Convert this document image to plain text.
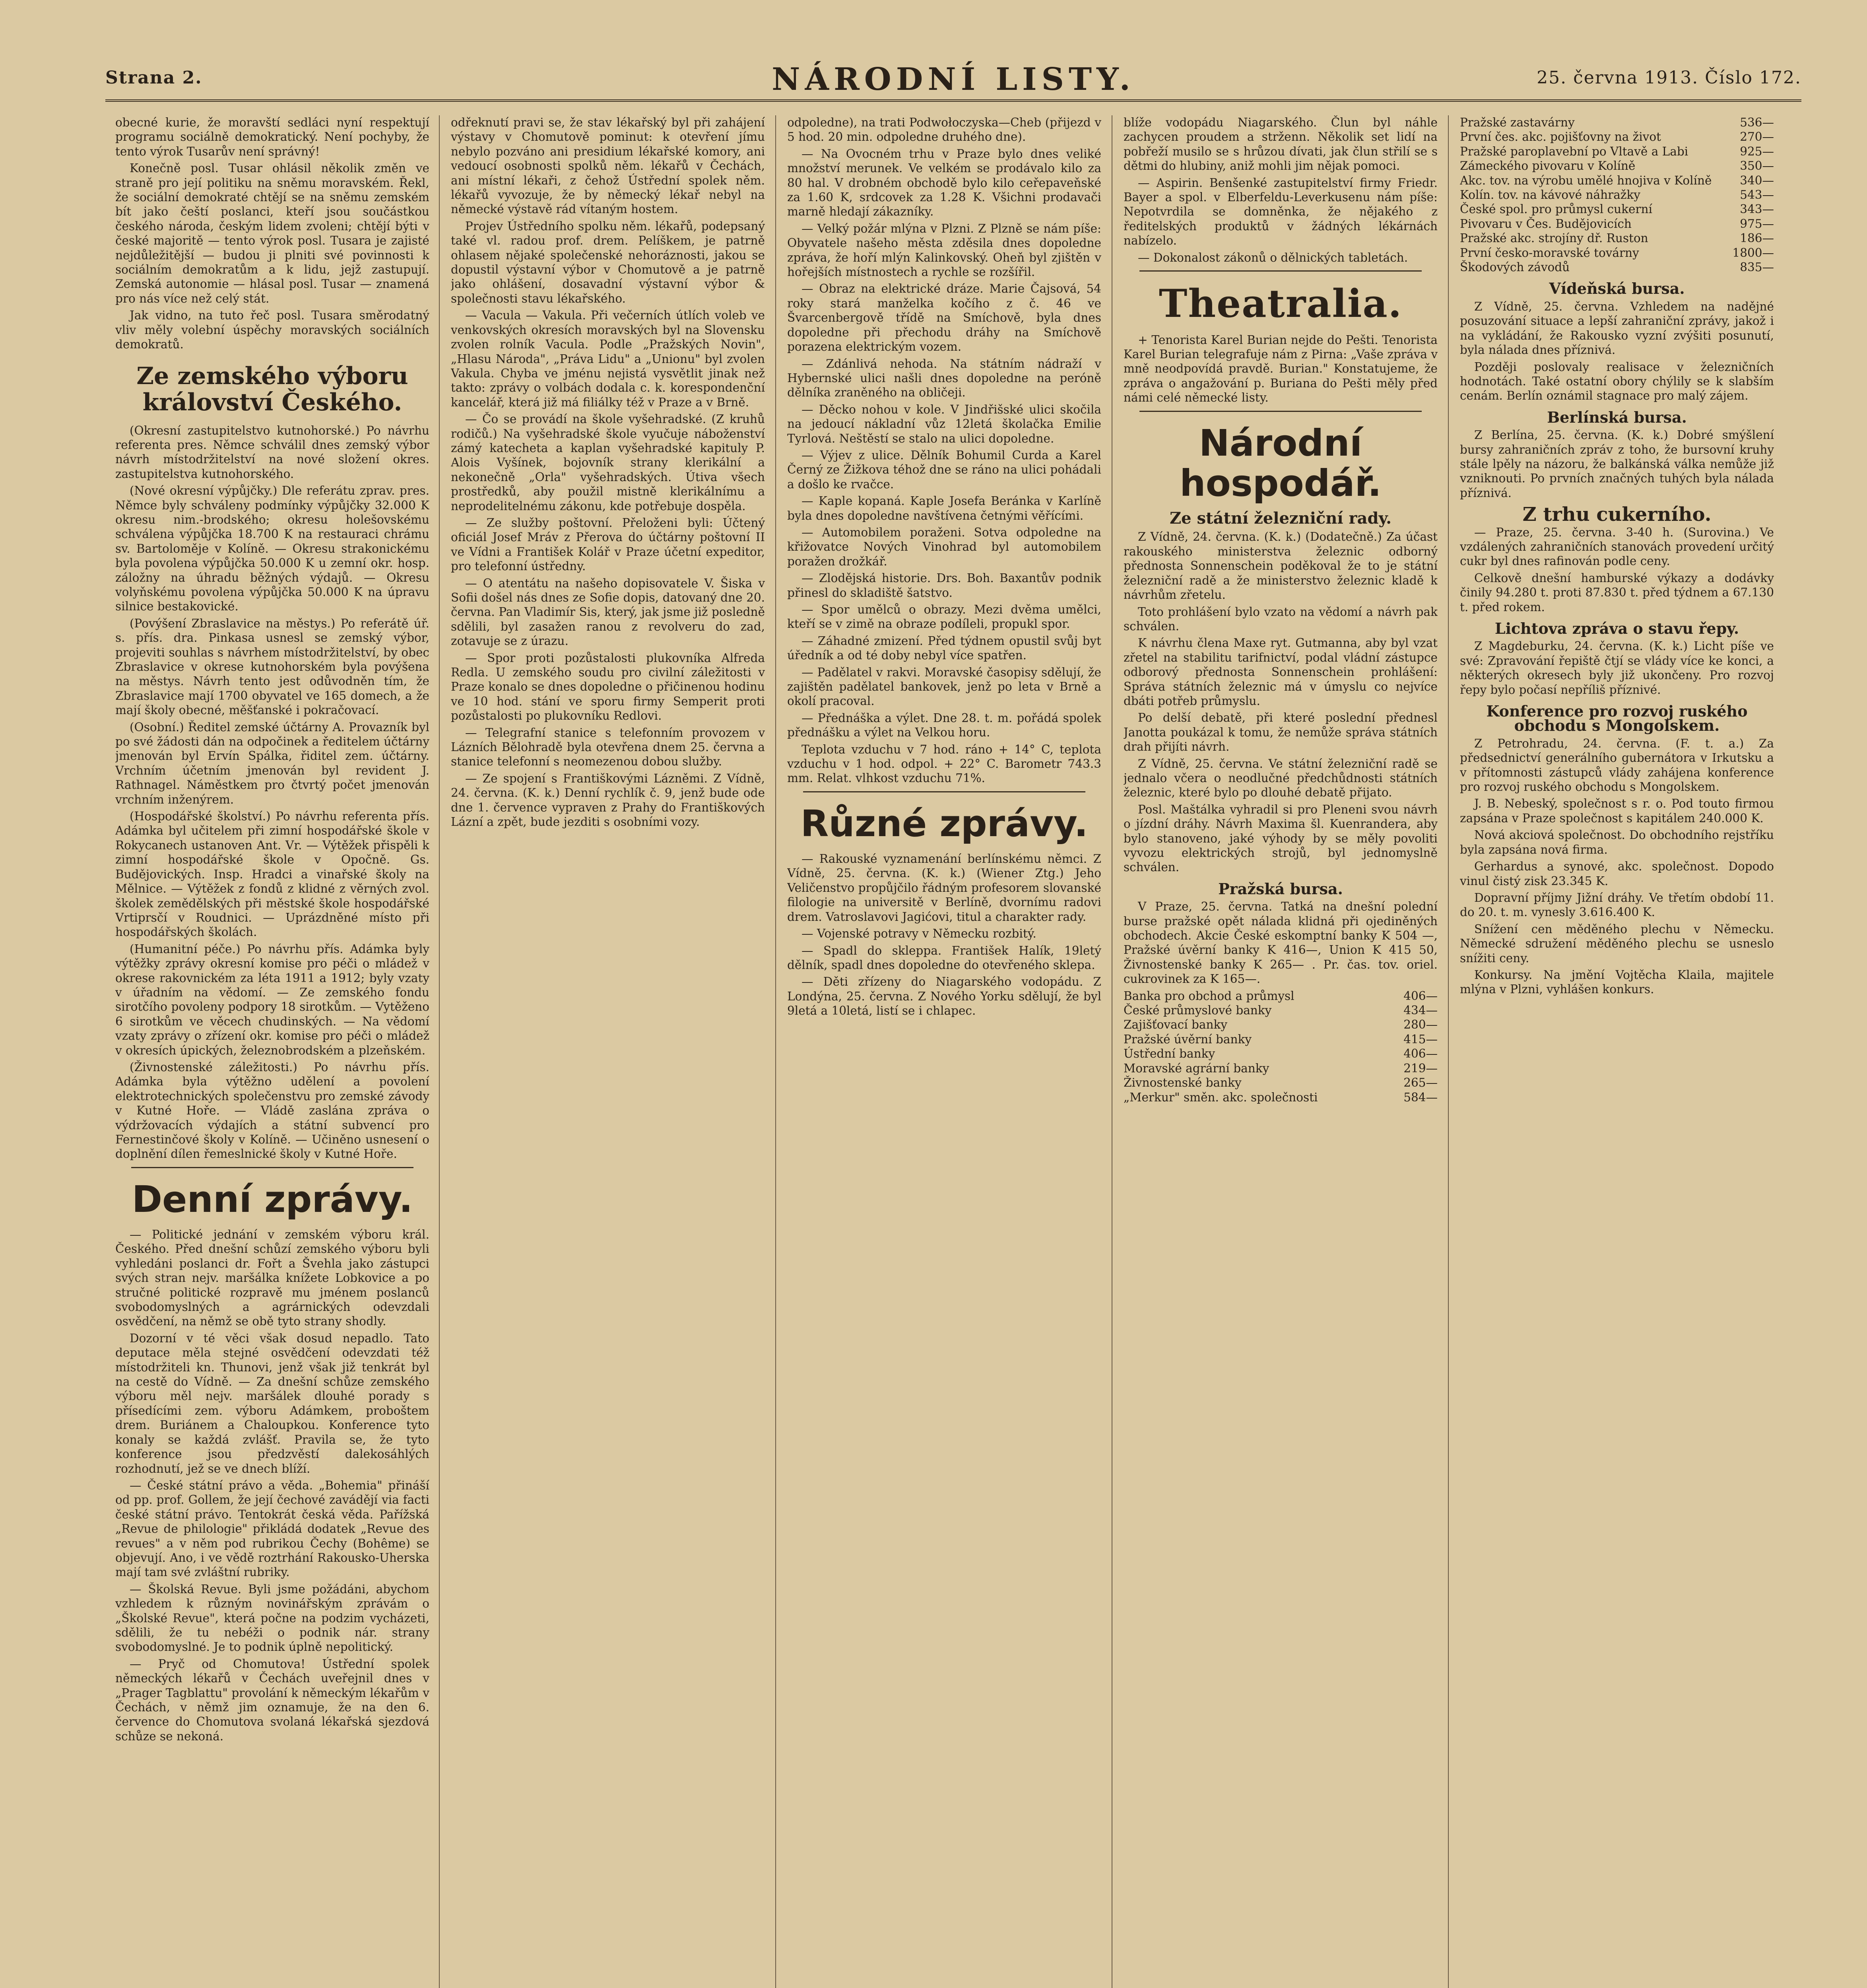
Strana 2.	NÁRODNÍ LISTY.	25. června 1913. Číslo 172.

obecné kurie, že moravští sedláci nyní respektují programu sociálně demokratický. Není pochyby, že tento výrok Tusarův není správný!

Konečně posl. Tusar ohlásil několik změn ve straně pro její politiku na sněmu moravském. Řekl, že sociální demokraté chtějí se na sněmu zemském bít jako čeští poslanci, kteří jsou součástkou českého národa, českým lidem zvoleni; chtějí býti v české majoritě — tento výrok posl. Tusara je zajisté nejdůležitější — budou ji plniti své povinnosti k sociálním demokratům a k lidu, jejž zastupují. Zemská autonomie — hlásal posl. Tusar — znamená pro nás více než celý stát.

Jak vidno, na tuto řeč posl. Tusara směrodatný vliv měly volební úspěchy moravských sociálních demokratů.

Ze zemského výboru království Českého.

(Okresní zastupitelstvo kutnohorské.) Po návrhu referenta pres. Němce schválil dnes zemský výbor návrh místodržitelství na nové složení okres. zastupitelstva kutnohorského.

(Nové okresní výpůjčky.) Dle referátu zprav. pres. Němce byly schváleny podmínky výpůjčky 32.000 K okresu nim.-brodského; okresu holešovskému schválena výpůjčka 18.700 K na restauraci chrámu sv. Bartoloměje v Kolíně. — Okresu strakonickému byla povolena výpůjčka 50.000 K u zemní okr. hosp. záložny na úhradu běžných výdajů. — Okresu volyňskému povolena výpůjčka 50.000 K na úpravu silnice bestakovické.

(Povýšení Zbraslavice na městys.) Po referátě úř. s. přís. dra. Pinkasa usnesl se zemský výbor, projeviti souhlas s návrhem místodržitelství, by obec Zbraslavice v okrese kutnohorském byla povýšena na městys. Návrh tento jest odůvodněn tím, že Zbraslavice mají 1700 obyvatel ve 165 domech, a že mají školy obecné, měšťanské i pokračovací.

(Osobní.) Ředitel zemské účtárny A. Provazník byl po své žádosti dán na odpočinek a ředitelem účtárny jmenován byl Ervín Spálka, řiditel zem. účtárny. Vrchním účetním jmenován byl revident J. Rathnagel. Náměstkem pro čtvrtý počet jmenován vrchním inženýrem.

(Hospodářské školství.) Po návrhu referenta přís. Adámka byl učitelem při zimní hospodářské škole v Rokycanech ustanoven Ant. Vr. — Výtěžek přispěli k zimní hospodářské škole v Opočně. Gs. Budějovických. Insp. Hradci a vinařské školy na Mělnice. — Výtěžek z fondů z klidné z věrných zvol. školek zemědělských při městské škole hospodářské Vrtiprsčí v Roudnici. — Uprázdněné místo při hospodářských školách.

(Humanitní péče.) Po návrhu přís. Adámka byly výtěžky zprávy okresní komise pro péči o mládež v okrese rakovnickém za léta 1911 a 1912; byly vzaty v úřadním na vědomí. — Ze zemského fondu sirotčího povoleny podpory 18 sirotkům. — Vytěženo 6 sirotkům ve věcech chudinských. — Na vědomí vzaty zprávy o zřízení okr. komise pro péči o mládež v okresích úpických, železnobrodském a plzeňském.

(Živnostenské záležitosti.) Po návrhu přís. Adámka byla výtěžno udělení a povolení elektrotechnických společenstvu pro zemské závody v Kutné Hoře. — Vládě zaslána zpráva o výdržovacích výdajích a státní subvencí pro Fernestinčové školy v Kolíně. — Učiněno usnesení o doplnění dílen řemeslnické školy v Kutné Hoře.

Denní zprávy.

— Politické jednání v zemském výboru král. Českého. Před dnešní schůzí zemského výboru byli vyhledáni poslanci dr. Fořt a Švehla jako zástupci svých stran nejv. maršálka knížete Lobkovice a po stručné politické rozpravě mu jménem poslanců svobodomyslných a agrárnických odevzdali osvědčení, na němž se obě tyto strany shodly.

Dozorní v té věci však dosud nepadlo. Tato deputace měla stejné osvědčení odevzdati též místodržiteli kn. Thunovi, jenž však již tenkrát byl na cestě do Vídně. — Za dnešní schůze zemského výboru měl nejv. maršálek dlouhé porady s přísedícími zem. výboru Adámkem, proboštem drem. Buriánem a Chaloupkou. Konference tyto konaly se každá zvlášť. Pravila se, že tyto konference jsou předzvěstí dalekosáhlých rozhodnutí, jež se ve dnech blíží.

— České státní právo a věda. „Bohemia" přináší od pp. prof. Gollem, že její čechové zavádějí via facti české státní právo. Tentokrát česká věda. Pařížská „Revue de philologie" přikládá dodatek „Revue des revues" a v něm pod rubrikou Čechy (Bohême) se objevují. Ano, i ve vědě roztrhání Rakousko-Uherska mají tam své zvláštní rubriky.

— Školská Revue. Byli jsme požádáni, abychom vzhledem k různým novinářským zprávám o „Školské Revue", která počne na podzim vycházeti, sdělili, že tu nebéži o podnik nár. strany svobodomyslné. Je to podnik úplně nepolitický.

— Pryč od Chomutova! Ústřední spolek německých lékařů v Čechách uveřejnil dnes v „Prager Tagblattu" provolání k německým lékařům v Čechách, v němž jim oznamuje, že na den 6. července do Chomutova svolaná lékařská sjezdová schůze se nekoná.

odřeknutí pravi se, že stav lékařský byl při zahájení výstavy v Chomutově pominut: k otevření jímu nebylo pozváno ani presidium lékařské komory, ani vedoucí osobnosti spolků něm. lékařů v Čechách, ani místní lékaři, z čehož Ústřední spolek něm. lékařů vyvozuje, že by německý lékař nebyl na německé výstavě rád vítaným hostem.

Projev Ústředního spolku něm. lékařů, podepsaný také vl. radou prof. drem. Pelíškem, je patrně ohlasem nějaké společenské nehoráznosti, jakou se dopustil výstavní výbor v Chomutově a je patrně jako ohlášení, dosavadní výstavní výbor & společnosti stavu lékařského.

— Vacula — Vakula. Při večerních útlích voleb ve venkovských okresích moravských byl na Slovensku zvolen rolník Vacula. Podle „Pražských Novin", „Hlasu Národa", „Práva Lidu" a „Unionu" byl zvolen Vakula. Chyba ve jménu nejistá vysvětlit jinak než takto: zprávy o volbách dodala c. k. korespondenční kancelář, která již má filiálky též v Praze a v Brně.

— Čo se provádí na škole vyšehradské. (Z kruhů rodičů.) Na vyšehradské škole vyučuje náboženství zámý katecheta a kaplan vyšehradské kapituly P. Alois Vyšínek, bojovník strany klerikální a nekonečně „Orla" vyšehradských. Útiva všech prostředků, aby použil mistně klerikálnímu a neprodelitelnému zákonu, kde potřebuje dospěla.

— Ze služby poštovní. Přeloženi byli: Účtený oficiál Josef Mráv z Přerova do účtárny poštovní II ve Vídni a František Kolář v Praze účetní expeditor, pro telefonní ústředny.

— O atentátu na našeho dopisovatele V. Šiska v Sofii došel nás dnes ze Sofie dopis, datovaný dne 20. června. Pan Vladimír Sis, který, jak jsme již posledně sdělili, byl zasažen ranou z revolveru do zad, zotavuje se z úrazu.

— Spor proti pozůstalosti plukovníka Alfreda Redla. U zemského soudu pro civilní záležitosti v Praze konalo se dnes dopoledne o přičinenou hodinu ve 10 hod. stání ve sporu firmy Semperit proti pozůstalosti po plukovníku Redlovi.

— Telegrafní stanice s telefonním provozem v Lázních Bělohradě byla otevřena dnem 25. června a stanice telefonní s neomezenou dobou služby.

— Ze spojení s Františkovými Lázněmi. Z Vídně, 24. června. (K. k.) Denní rychlík č. 9, jenž bude ode dne 1. července vypraven z Prahy do Františkových Lázní a zpět, bude jezditi s osobními vozy.

odpoledne), na trati Podwołoczyska—Cheb (přijezd v 5 hod. 20 min. odpoledne druhého dne).

— Na Ovocném trhu v Praze bylo dnes veliké množství merunek. Ve velkém se prodávalo kilo za 80 hal. V drobném obchodě bylo kilo ceřepaveňské za 1.60 K, srdcovek za 1.28 K. Všichni prodavači marně hledají zákazníky.

— Velký požár mlýna v Plzni. Z Plzně se nám píše: Obyvatele našeho města zděsila dnes dopoledne zpráva, že hoří mlýn Kalinkovský. Oheň byl zjištěn v hořejších místnostech a rychle se rozšířil.

— Obraz na elektrické dráze. Marie Čajsová, 54 roky stará manželka kočího z č. 46 ve Švarcenbergově třídě na Smíchově, byla dnes dopoledne při přechodu dráhy na Smíchově porazena elektrickým vozem.

— Zdánlivá nehoda. Na státním nádraží v Hybernské ulici našli dnes dopoledne na peróně dělníka zraněného na obličeji.

— Děcko nohou v kole. V Jindřišské ulici skočila na jedoucí nákladní vůz 12letá školačka Emilie Tyrlová. Neštěstí se stalo na ulici dopoledne.

— Výjev z ulice. Dělník Bohumil Curda a Karel Černý ze Žižkova téhož dne se ráno na ulici pohádali a došlo ke rvačce.

— Kaple kopaná. Kaple Josefa Beránka v Karlíně byla dnes dopoledne navštívena četnými věřícími.

— Automobilem poraženi. Sotva odpoledne na křižovatce Nových Vinohrad byl automobilem poražen drožkář.

— Zlodějská historie. Drs. Boh. Baxantův podnik přinesl do skladiště šatstvo.

— Spor umělců o obrazy. Mezi dvěma umělci, kteří se v zimě na obraze podíleli, propukl spor.

— Záhadné zmizení. Před týdnem opustil svůj byt úředník a od té doby nebyl více spatřen.

— Padělatel v rakvi. Moravské časopisy sdělují, že zajištěn padělatel bankovek, jenž po leta v Brně a okolí pracoval.

— Přednáška a výlet. Dne 28. t. m. pořádá spolek přednášku a výlet na Velkou horu.

Teplota vzduchu v 7 hod. ráno + 14° C, teplota vzduchu v 1 hod. odpol. + 22° C. Barometr 743.3 mm. Relat. vlhkost vzduchu 71%.

Různé zprávy.

— Rakouské vyznamenání berlínskému němci. Z Vídně, 25. června. (K. k.) (Wiener Ztg.) Jeho Veličenstvo propůjčilo řádným profesorem slovanské filologie na universitě v Berlíně, dvornímu radovi drem. Vatroslavovi Jagićovi, titul a charakter rady.

— Vojenské potravy v Německu rozbitý.

— Spadl do skleppa. František Halík, 19letý dělník, spadl dnes dopoledne do otevřeného sklepa.

— Děti zřízeny do Niagarského vodopádu. Z Londýna, 25. června. Z Nového Yorku sdělují, že byl 9letá a 10letá, listí se i chlapec.

blíže vodopádu Niagarského. Člun byl náhle zachycen proudem a strženn. Několik set lidí na pobřeží musilo se s hrůzou dívati, jak člun střilí se s dětmi do hlubiny, aniž mohli jim nějak pomoci.

— Aspirin. Benšenké zastupitelství firmy Friedr. Bayer a spol. v Elberfeldu-Leverkusenu nám píše: Nepotvrdila se domněnka, že nějakého z ředitelských produktů v žádných lékárnách nabízelo.

— Dokonalost zákonů o dělnických tabletách.

Theatralia.

+ Tenoristа Karel Burian nejde do Pešti. Tenorista Karel Burian telegrafuje nám z Pirna: „Vaše zpráva v mně neodpovídá pravdě. Burian." Konstatujeme, že zpráva o angažování p. Buriana do Pešti měly před námi celé německé listy.

Národní hospodář.
Ze státní železniční rady.

Z Vídně, 24. června. (K. k.) (Dodatečně.) Za účast rakouského ministerstva železnic odborný přednosta Sonnenschein poděkoval že to je státní železniční radě a že ministerstvo železnic kladě k návrhům zřetelu.

Toto prohlášení bylo vzato na vědomí a návrh pak schválen.

K návrhu člena Maxe ryt. Gutmanna, aby byl vzat zřetel na stabilitu tarifnictví, podal vládní zástupce odborový přednosta Sonnenschein prohlášení: Správa státních železnic má v úmyslu co nejvíce dbáti potřeb průmyslu.

Po delší debatě, při které poslední přednesl Janotta poukázal k tomu, že nemůže správa státních drah přijíti návrh.

Z Vídně, 25. června. Ve státní železniční radě se jednalo včera o neodlučné předchůdnosti státních železnic, které bylo po dlouhé debatě přijato.

Posl. Maštálka vyhradil si pro Pleneni svou návrh o jízdní dráhy. Návrh Maxima šl. Kuenrandera, aby bylo stanoveno, jaké výhody by se měly povoliti vyvozu elektrických strojů, byl jednomyslně schválen.

Pražská bursa.

V Praze, 25. června. Tatká na dnešní polední burse pražské opět nálada klidná při ojediněných obchodech. Akcie České eskomptní banky K 504 —, Pražské úvěrní banky K 416—, Union K 415 50, Živnostenské banky K 265— . Pr. čas. tov. oriel. cukrovinek za K 165—.

Banka pro obchod a průmysl	406—
České průmyslové banky	434—
Zajišťovací banky	280—
Pražské úvěrní banky	415—
Ústřední banky	406—
Moravské agrární banky	219—
Živnostenské banky	265—
„Merkur" směn. akc. společnosti	584—
Pražské zastavárny	536—
První čes. akc. pojišťovny na život	270—
Pražské paroplavební po Vltavě a Labi	925—
Zámeckého pivovaru v Kolíně	350—
Akc. tov. na výrobu umělé hnojiva v Kolíně	340—
Kolín. tov. na kávové náhražky	543—
České spol. pro průmysl cukerní	343—
Pivovaru v Čes. Budějovicích	975—
Pražské akc. strojíny dř. Ruston	186—
První česko-moravské továrny	1800—
Škodových závodů	835—
Vídeňská bursa.

Z Vídně, 25. června. Vzhledem na nadějné posuzování situace a lepší zahraniční zprávy, jakož i na vykládání, že Rakousko vyzní zvýšiti posunutí, byla nálada dnes příznivá.

Později poslovaly realisace v železničních hodnotách. Také ostatní obory chýlily se k slabším cenám. Berlín oznámil stagnace pro malý zájem.

Berlínská bursa.

Z Berlína, 25. června. (K. k.) Dobré smýšlení bursy zahraničních zpráv z toho, že bursovní kruhy stále lpěly na názoru, že balkánská válka nemůže již vzniknouti. Po prvních značných tuhých byla nálada příznivá.

Z trhu cukerního.

— Praze, 25. června. 3-40 h. (Surovina.) Ve vzdálených zahraničních stanovách provedení určitý cukr byl dnes rafinován podle ceny.

Celkově dnešní hamburské výkazy a dodávky činily 94.280 t. proti 87.830 t. před týdnem a 67.130 t. před rokem.

Lichtova zpráva o stavu řepy.

Z Magdeburku, 24. června. (K. k.) Licht píše ve své: Zpravování řepiště čtjí se vlády více ke konci, a některých okresech byly již ukončeny. Pro rozvoj řepy bylo počasí nepříliš příznivé.

Konference pro rozvoj ruského obchodu s Mongolskem.

Z Petrohradu, 24. června. (F. t. a.) Za předsednictví generálního gubernátora v Irkutsku a v přítomnosti zástupců vlády zahájena konference pro rozvoj ruského obchodu s Mongolskem.

J. B. Nebeský, společnost s r. o. Pod touto firmou zapsána v Praze společnost s kapitálem 240.000 K.

Nová akciová společnost. Do obchodního rejstříku byla zapsána nová firma.

Gerhardus a synové, akc. společnost. Dopodo vinul čistý zisk 23.345 K.

Dopravní příjmy Jižní dráhy. Ve třetím období 11. do 20. t. m. vynesly 3.616.400 K.

Snížení cen měděného plechu v Německu. Německé sdružení měděného plechu se usneslo snížiti ceny.

Konkursy. Na jmění Vojtěcha Klaila, majitele mlýna v Plzni, vyhlášen konkurs.
